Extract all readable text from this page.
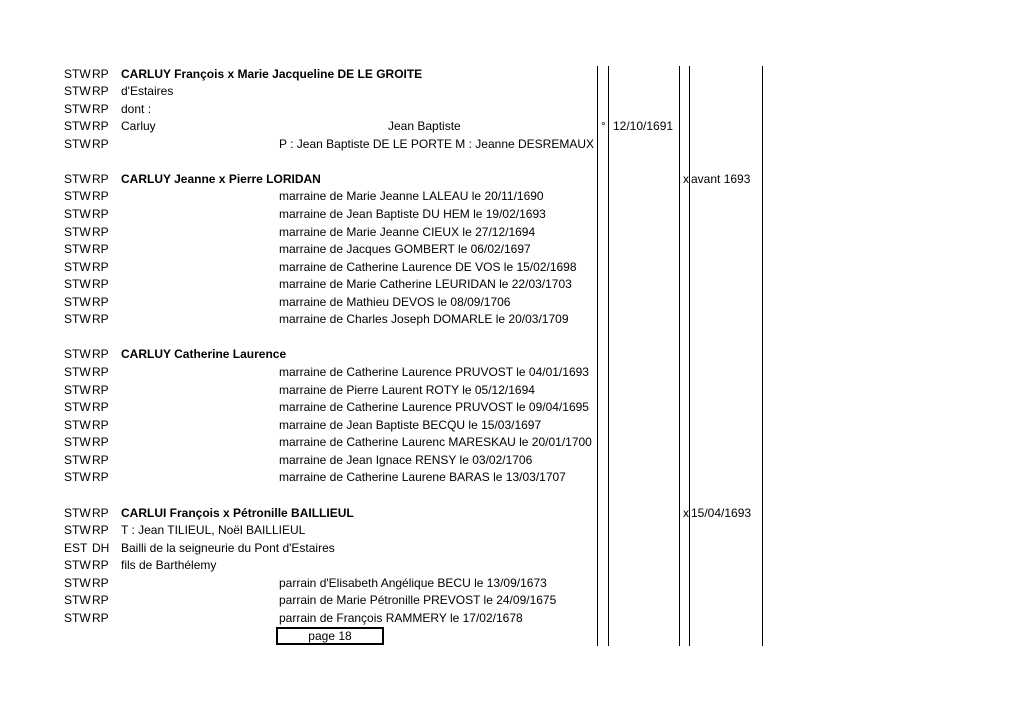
STW RP CARLUY François x Marie Jacqueline DE LE GROITE
STW RP d'Estaires
STW RP dont :
STW RP Carluy	Jean Baptiste	° 12/10/1691
STW RP	P : Jean Baptiste DE LE PORTE M : Jeanne DESREMAUX
STW RP CARLUY Jeanne x Pierre LORIDAN	x avant 1693
STW RP	marraine de Marie Jeanne LALEAU le 20/11/1690
STW RP	marraine de Jean Baptiste DU HEM le 19/02/1693
STW RP	marraine de Marie Jeanne CIEUX le 27/12/1694
STW RP	marraine de Jacques GOMBERT le 06/02/1697
STW RP	marraine de Catherine Laurence DE VOS le 15/02/1698
STW RP	marraine de Marie Catherine LEURIDAN le 22/03/1703
STW RP	marraine de Mathieu DEVOS le 08/09/1706
STW RP	marraine de Charles Joseph DOMARLE le 20/03/1709
STW RP CARLUY Catherine Laurence
STW RP	marraine de Catherine Laurence PRUVOST le 04/01/1693
STW RP	marraine de Pierre Laurent ROTY le 05/12/1694
STW RP	marraine de Catherine Laurence PRUVOST le 09/04/1695
STW RP	marraine de Jean Baptiste BECQU le 15/03/1697
STW RP	marraine de Catherine Laurenc MARESKAU le 20/01/1700
STW RP	marraine de Jean Ignace RENSY le 03/02/1706
STW RP	marraine de Catherine Laurene BARAS le 13/03/1707
STW RP CARLUI François x Pétronille BAILLIEUL	x 15/04/1693
STW RP T : Jean TILIEUL, Noël BAILLIEUL
EST DH Bailli de la seigneurie du Pont d'Estaires
STW RP fils de Barthélemy
STW RP	parrain d'Elisabeth Angélique BECU le 13/09/1673
STW RP	parrain de Marie Pétronille PREVOST le 24/09/1675
STW RP	parrain de François RAMMERY le 17/02/1678
page 18
